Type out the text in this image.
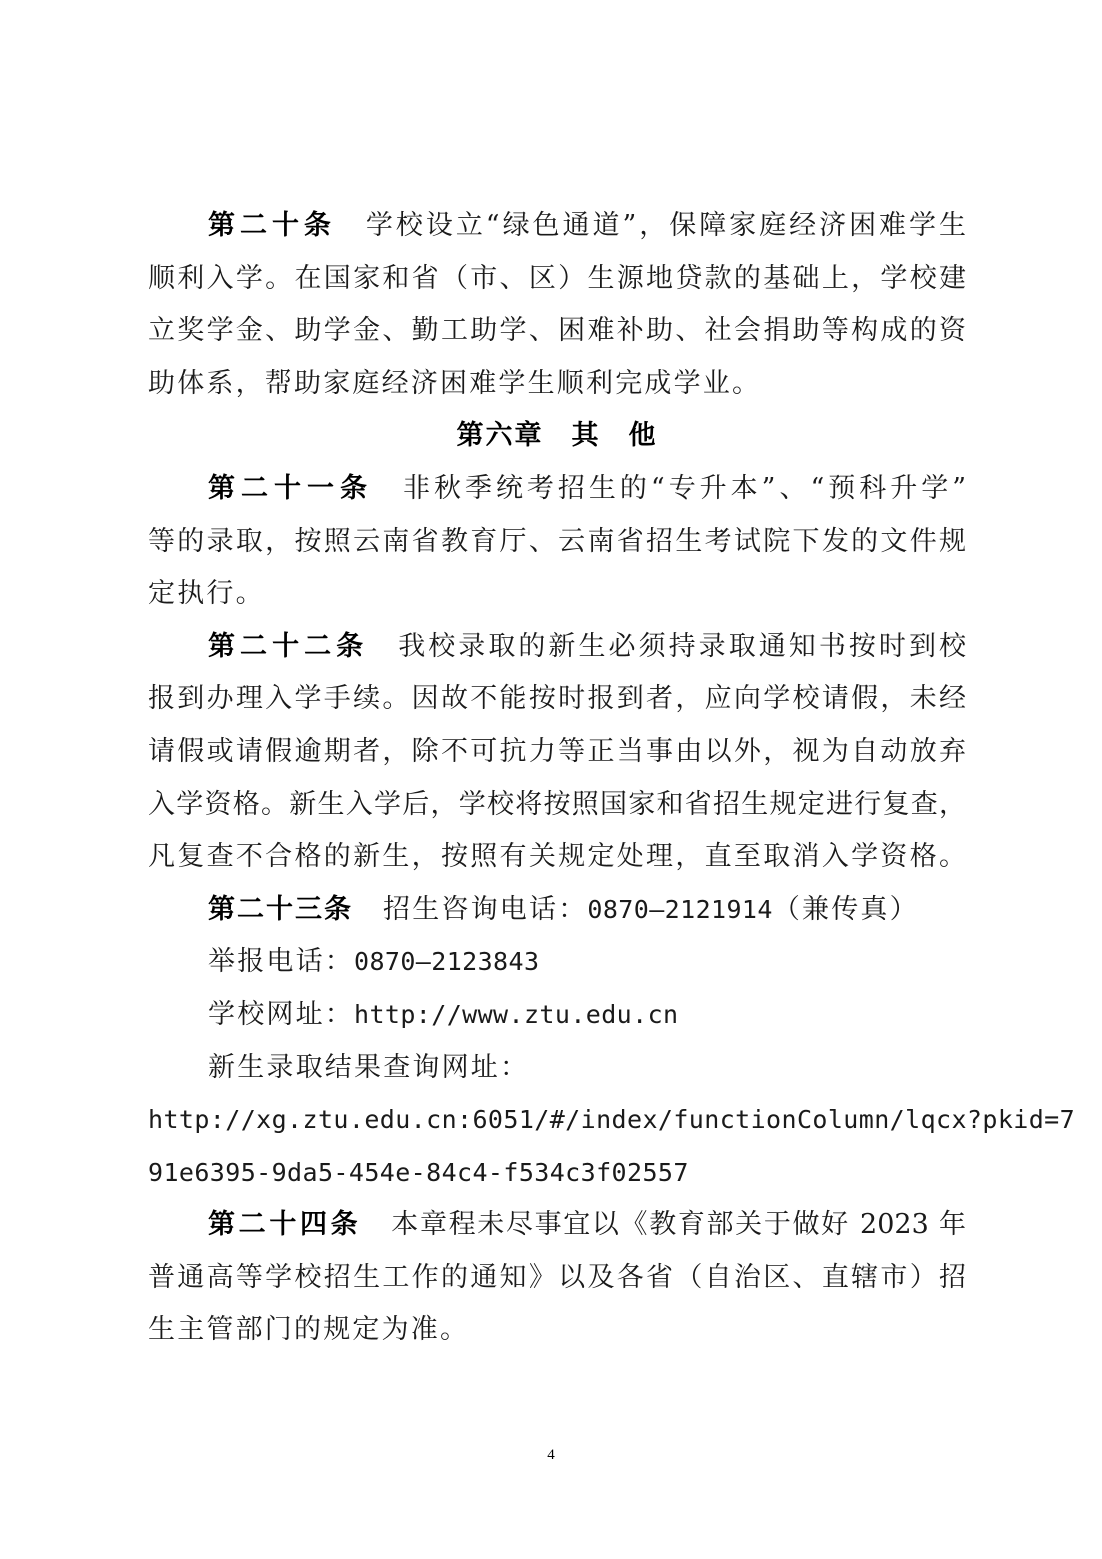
第二十条 学校设立“绿色通道”，保障家庭经济困难学生
顺利入学。在国家和省（市、区）生源地贷款的基础上，学校建
立奖学金、助学金、勤工助学、困难补助、社会捐助等构成的资
助体系，帮助家庭经济困难学生顺利完成学业。
第六章 其 他
第二十一条 非秋季统考招生的“专升本”、“预科升学”
等的录取，按照云南省教育厅、云南省招生考试院下发的文件规
定执行。
第二十二条 我校录取的新生必须持录取通知书按时到校
报到办理入学手续。因故不能按时报到者，应向学校请假，未经
请假或请假逾期者，除不可抗力等正当事由以外，视为自动放弃
入学资格。新生入学后，学校将按照国家和省招生规定进行复查，
凡复查不合格的新生，按照有关规定处理，直至取消入学资格。
第二十三条 招生咨询电话：0870—2121914（兼传真）
举报电话：0870—2123843
学校网址：http://www.ztu.edu.cn
新生录取结果查询网址：
http://xg.ztu.edu.cn:6051/#/index/functionColumn/lqcx?pkid=7
91e6395-9da5-454e-84c4-f534c3f02557
第二十四条 本章程未尽事宜以《教育部关于做好 2023 年
普通高等学校招生工作的通知》以及各省（自治区、直辖市）招
生主管部门的规定为准。
4
